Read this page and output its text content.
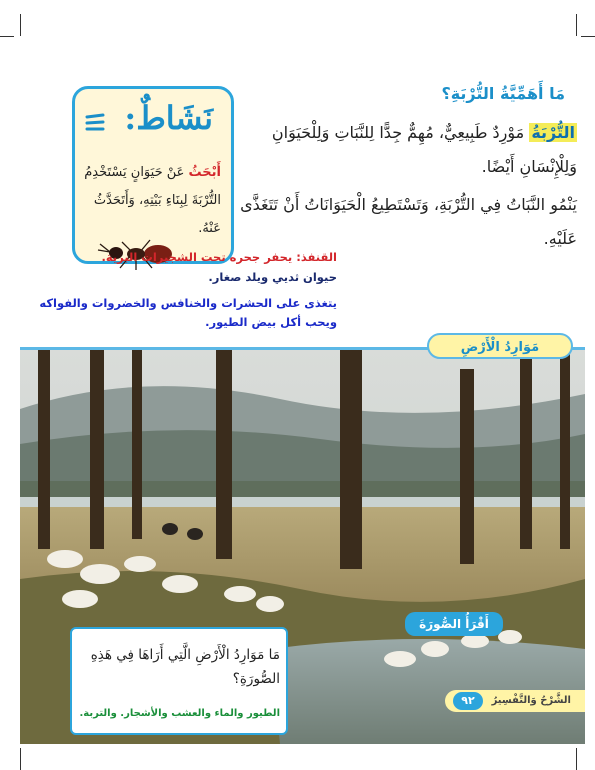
مَا أَهَمِّيَّةُ التُّرْبَةِ؟
التُّرْبَةُ مَوْرِدٌ طَبِيعِيٌّ، مُهِمٌّ جِدًّا لِلنَّبَاتِ وَلِلْحَيَوَانِ وَلِلْإِنْسَانِ أَيْضًا.
يَنْمُو النَّبَاتُ فِي التُّرْبَةِ، وَتَسْتَطِيعُ الْحَيَوَانَاتُ أَنْ تَتَغَذَّى عَلَيْهِ.
نَشَاطٌ:
أَبْحَثُ عَنْ حَيَوَانٍ يَسْتَخْدِمُ التُّرْبَةَ لِبِنَاءِ بَيْتِهِ، وَأَتَحَدَّثُ عَنْهُ.
القنفذ: يحفر جحره تحت الشجيرات البرية.
حيوان ثديي ويلد صغار.
يتغذى على الحشرات والخنافس والخضروات والفواكه ويحب أكل بيض الطيور.
مَوَارِدُ الْأَرْضِ
مَا مَوَارِدُ الْأَرْضِ الَّتِي أَرَاهَا فِي هَذِهِ الصُّورَةِ؟
الطيور والماء والعشب والأشجار. والتربة.
أَقْرَأُ الصُّورَةَ
٩٢	الشَّرْحُ وَالتَّفْسِيرُ
